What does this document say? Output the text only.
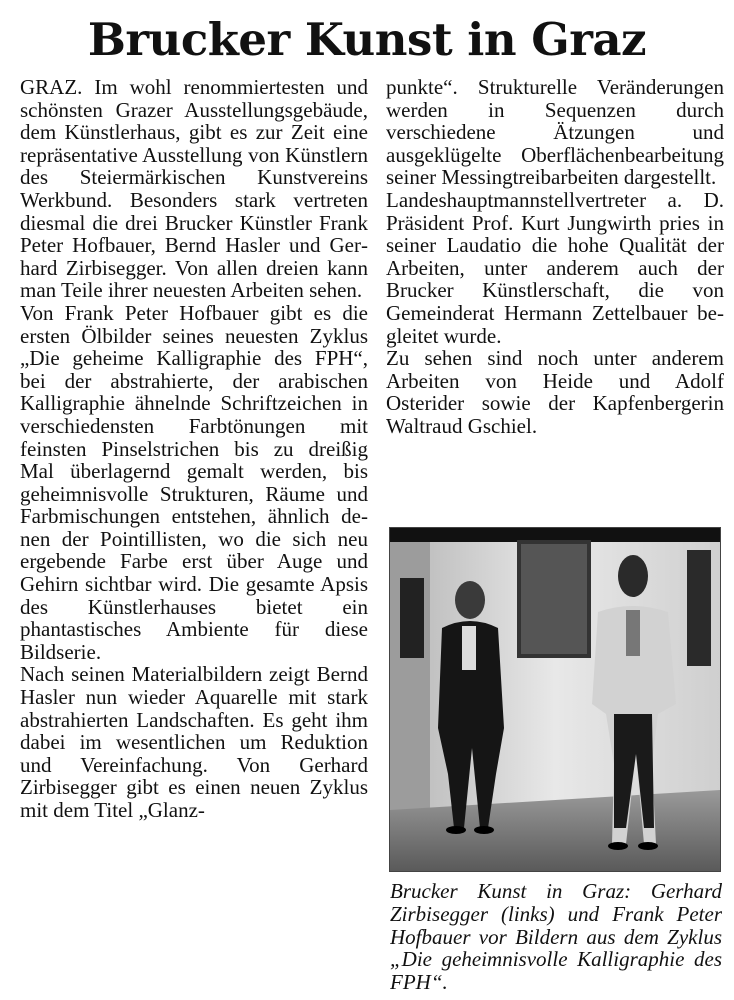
Brucker Kunst in Graz

GRAZ. Im wohl renommiertesten und schönsten Grazer Ausstellungsgebäude, dem Künstlerhaus, gibt es zur Zeit eine repräsentative Ausstellung von Künstlern des Steiermärkischen Kunstvereins Werkbund. Besonders stark vertreten diesmal die drei Brucker Künstler Frank Peter Hofbauer, Bernd Hasler und Gerhard Zirbisegger. Von allen dreien kann man Teile ihrer neuesten Arbeiten sehen.

Von Frank Peter Hofbauer gibt es die ersten Ölbilder seines neuesten Zyklus „Die geheime Kalligraphie des FPH“, bei der abstrahierte, der arabischen Kalligraphie ähnelnde Schriftzeichen in verschiedensten Farbtönungen mit feinsten Pinselstrichen bis zu dreißig Mal überlagernd gemalt werden, bis geheimnisvolle Strukturen, Räume und Farbmischungen entstehen, ähnlich denen der Pointillisten, wo die sich neu ergebende Farbe erst über Auge und Gehirn sichtbar wird. Die gesamte Apsis des Künstlerhauses bietet ein phantastisches Ambiente für diese Bildserie.

Nach seinen Materialbildern zeigt Bernd Hasler nun wieder Aquarelle mit stark abstrahierten Landschaften. Es geht ihm dabei im wesentlichen um Reduktion und Vereinfachung. Von Gerhard Zirbisegger gibt es einen neuen Zyklus mit dem Titel „Glanz-

punkte“. Strukturelle Veränderungen werden in Sequenzen durch verschiedene Ätzungen und ausgeklügelte Oberflächenbearbeitung seiner Messingtreibarbeiten dargestellt.

Landeshauptmannstellvertreter a. D. Präsident Prof. Kurt Jungwirth pries in seiner Laudatio die hohe Qualität der Arbeiten, unter anderem auch der Brucker Künstlerschaft, die von Gemeinderat Hermann Zettelbauer begleitet wurde.

Zu sehen sind noch unter anderem Arbeiten von Heide und Adolf Osterider sowie der Kapfenbergerin Waltraud Gschiel.

Brucker Kunst in Graz: Gerhard Zirbisegger (links) und Frank Peter Hofbauer vor Bildern aus dem Zyklus „Die geheimnisvolle Kalligraphie des FPH“.
